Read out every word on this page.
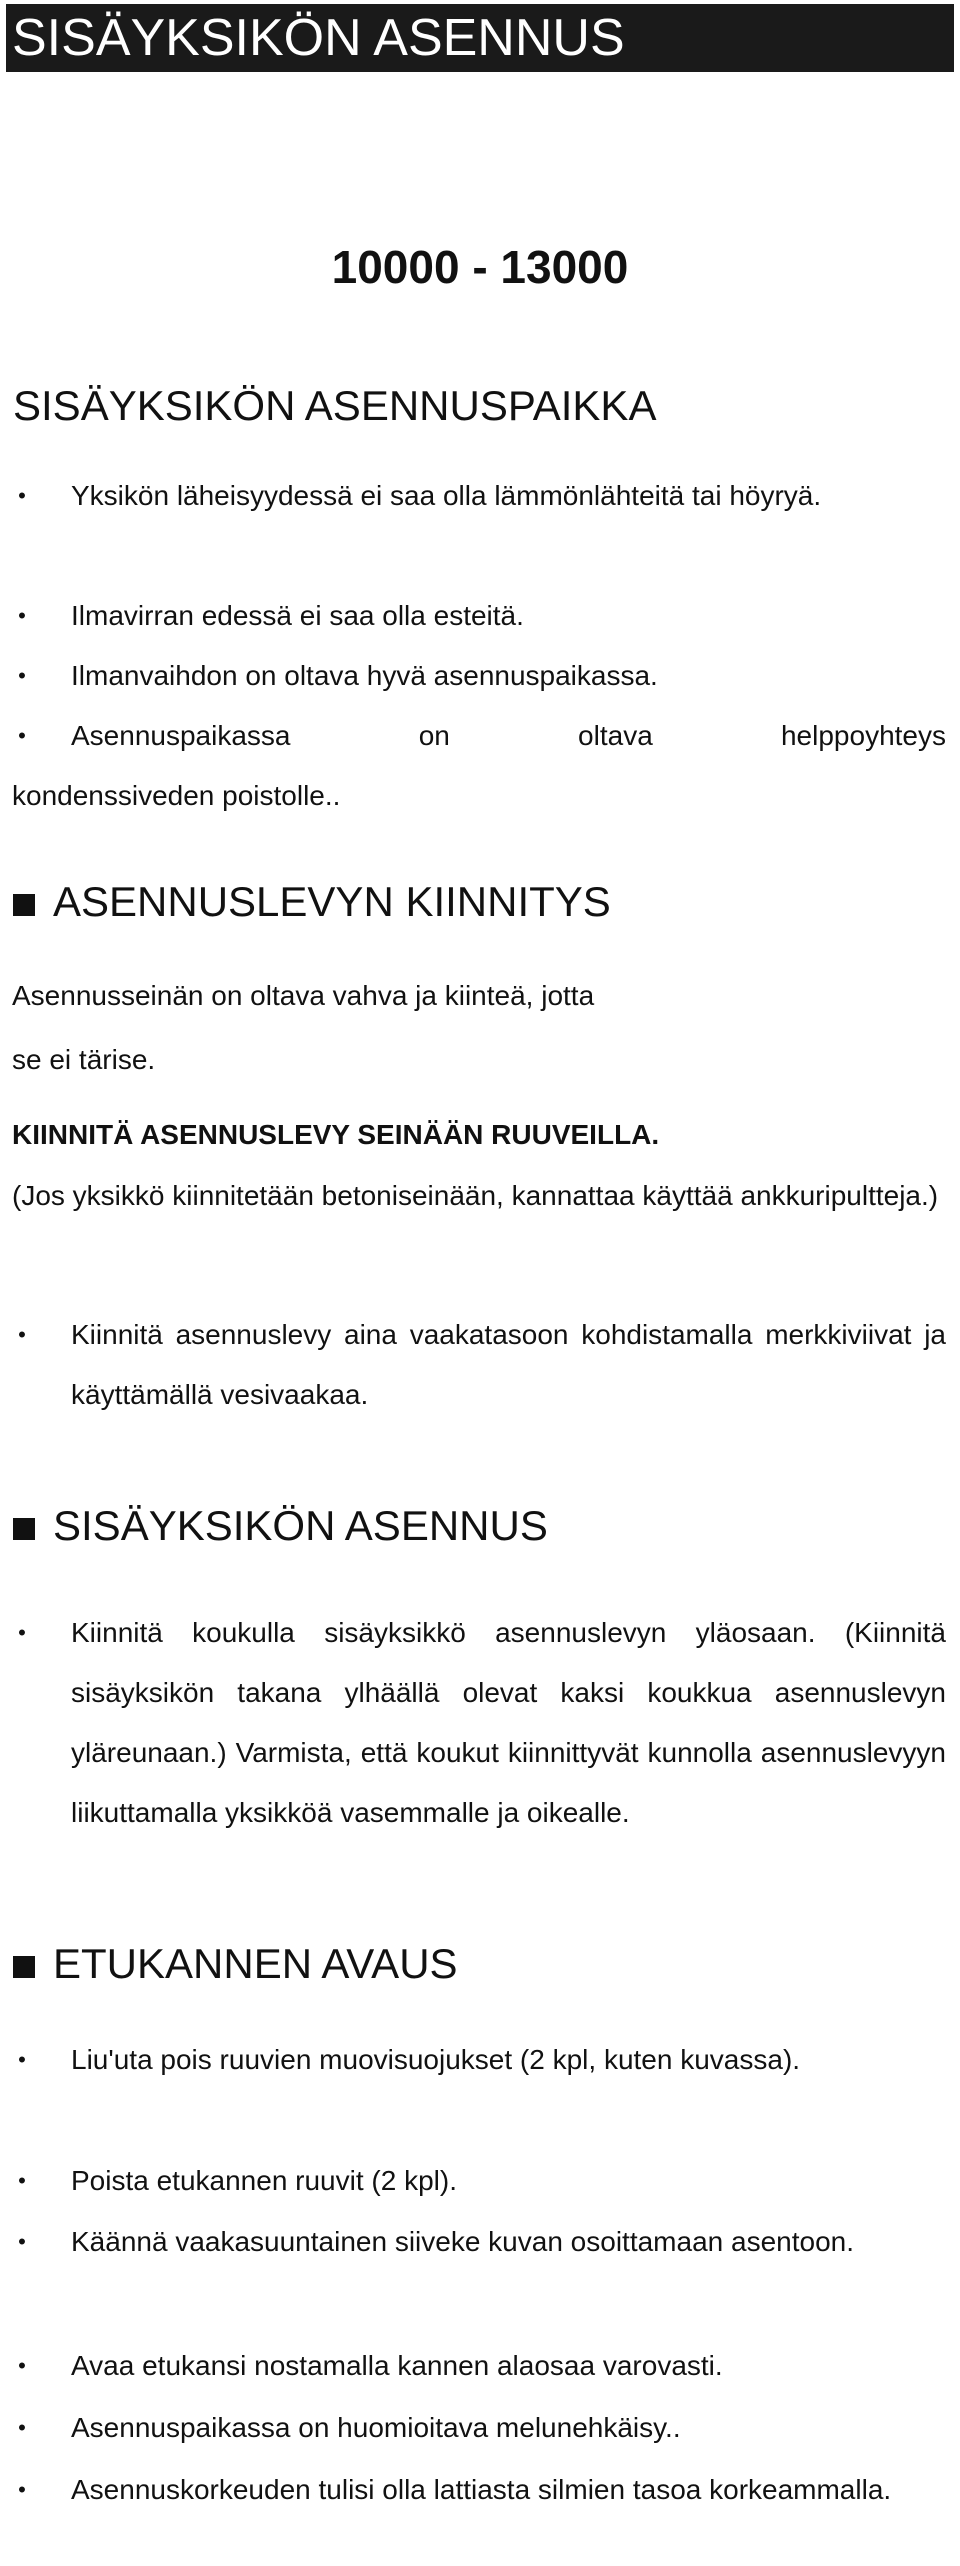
SISÄYKSIKÖN ASENNUS

10000 - 13000

SISÄYKSIKÖN ASENNUSPAIKKA
• Yksikön läheisyydessä ei saa olla lämmönlähteitä tai höyryä.
• Ilmavirran edessä ei saa olla esteitä.
• Ilmanvaihdon on oltava hyvä asennuspaikassa.
• Asennuspaikassa on oltava helppoyhteys

kondenssiveden poistolle..

ASENNUSLEVYN KIINNITYS

Asennusseinän on oltava vahva ja kiinteä, jotta

se ei tärise.

KIINNITÄ ASENNUSLEVY SEINÄÄN RUUVEILLA.

(Jos yksikkö kiinnitetään betoniseinään, kannattaa käyttää ankkuripultteja.)

• Kiinnitä asennuslevy aina vaakatasoon kohdistamalla merkkiviivat ja käyttämällä vesivaakaa.
SISÄYKSIKÖN ASENNUS
• Kiinnitä koukulla sisäyksikkö asennuslevyn yläosaan. (Kiinnitä sisäyksikön takana ylhäällä olevat kaksi koukkua asennuslevyn yläreunaan.) Varmista, että koukut kiinnittyvät kunnolla asennuslevyyn liikuttamalla yksikköä vasemmalle ja oikealle.
ETUKANNEN AVAUS
• Liu'uta pois ruuvien muovisuojukset (2 kpl, kuten kuvassa).
• Poista etukannen ruuvit (2 kpl).
• Käännä vaakasuuntainen siiveke kuvan osoittamaan asentoon.
• Avaa etukansi nostamalla kannen alaosaa varovasti.
• Asennuspaikassa on huomioitava melunehkäisy..
• Asennuskorkeuden tulisi olla lattiasta silmien tasoa korkeammalla.
